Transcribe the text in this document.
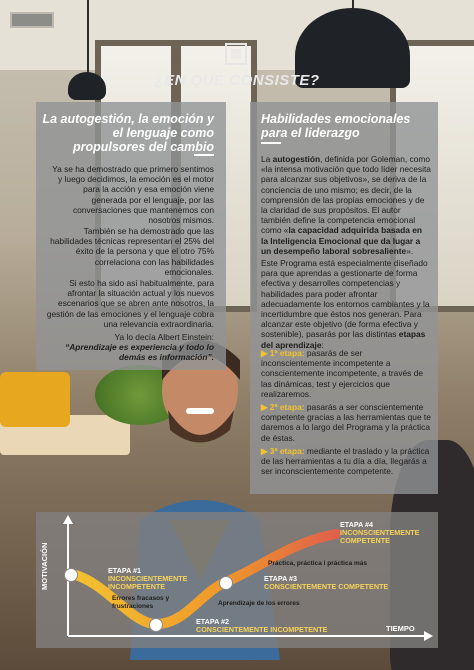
¿EN QUÉ CONSISTE?
La autogestión, la emoción y el lenguaje como propulsores del cambio
Ya se ha demostrado que primero sentimos y luego decidimos, la emoción es el motor para la acción y esa emoción viene generada por el lenguaje, por las conversaciones que mantenemos con nosotros mismos.
También se ha demostrado que las habilidades técnicas representan el 25% del éxito de la persona y que el otro 75% correlaciona con las habilidades emocionales.
Si esto ha sido así habitualmente, para afrontar la situación actual y los nuevos escenarios que se abren ante nosotros, la gestión de las emociones y el lenguaje cobra una relevancia extraordinaria.
Ya lo decía Albert Einstein:
“Aprendizaje es experiencia y todo lo demás es información”.
Habilidades emocionales para el liderazgo
La autogestión, definida por Goleman, como «la intensa motivación que todo líder necesita para alcanzar sus objetivos», se deriva de la conciencia de uno mismo; es decir, de la comprensión de las propias emociones y de la claridad de sus propósitos. El autor también define la competencia emocional como «la capacidad adquirida basada en la Inteligencia Emocional que da lugar a un desempeño laboral sobresaliente».
Este Programa está especialmente diseñado para que aprendas a gestionarte de forma efectiva y desarrolles competencias y habilidades para poder afrontar adecuadamente los entornos cambiantes y la incertidumbre que éstos nos generan. Para alcanzar este objetivo (de forma efectiva y sostenible), pasarás por las distintas etapas del aprendizaje:
▶ 1ª etapa: pasarás de ser inconscientemente incompetente a conscientemente incompetente, a través de las dinámicas, test y ejercicios que realizaremos.
▶ 2ª etapa: pasarás a ser conscientemente competente gracias a las herramientas que te daremos a lo largo del Programa y la práctica de éstas.
▶ 3ª etapa: mediante el traslado y la práctica de las herramientas a tu día a día, llegarás a ser inconscientemente competente.
MOTIVACIÓN
TIEMPO
ETAPA #1
INCONSCIENTEMENTE INCOMPETENTE
ETAPA #2
CONSCIENTEMENTE INCOMPETENTE
ETAPA #3
CONSCIENTEMENTE COMPETENTE
ETAPA #4
INCONSCIENTEMENTE COMPETENTE
Errores fracasos y frustraciones	Aprendizaje de los errores
Práctica, práctica i práctica más
